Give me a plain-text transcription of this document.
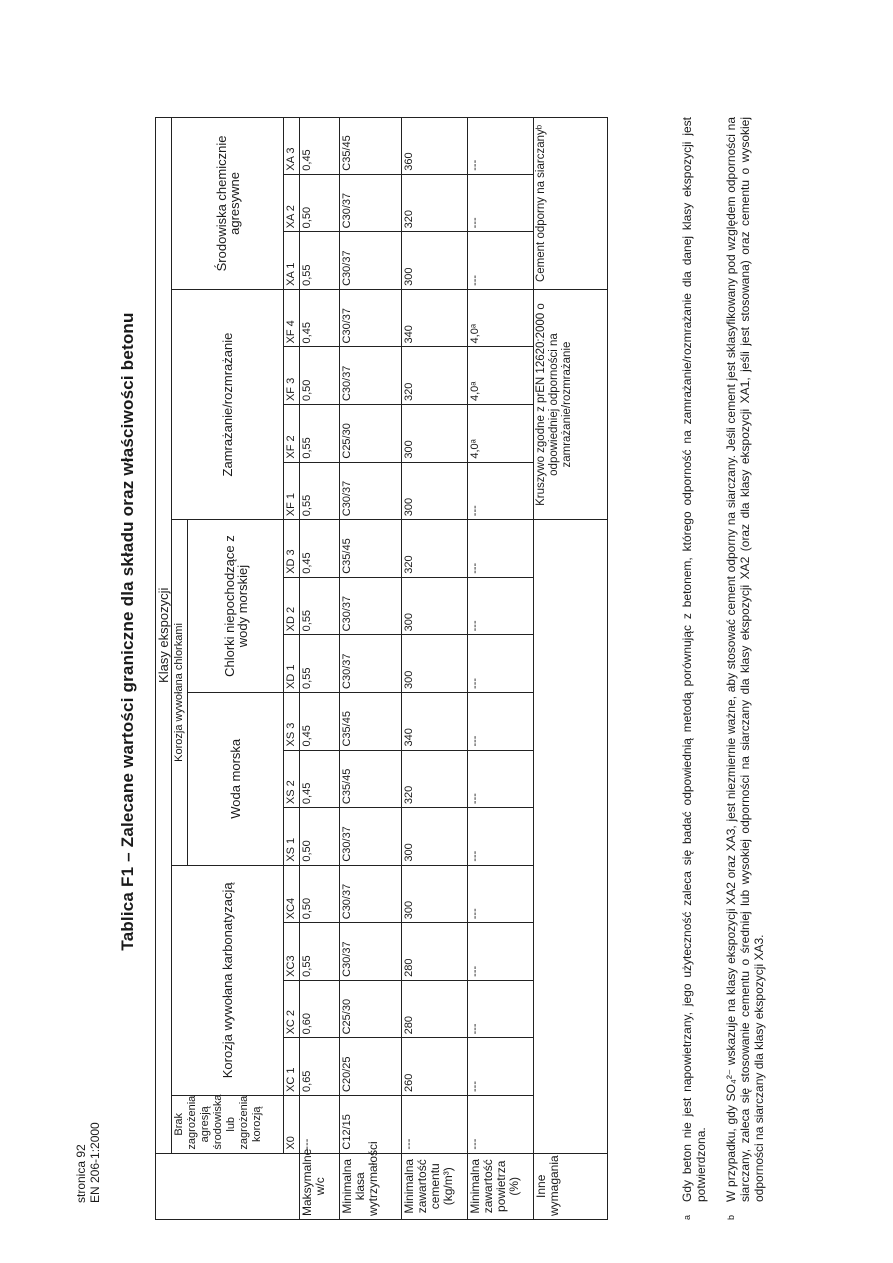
stronica 92 EN 206-1:2000
Tablica F1 – Zalecane wartości graniczne dla składu oraz właściwości betonu
	Klasy ekspozycji																	
	Brak zagrożenia agresją środowiska lub zagrożenia korozją	Korozja wywołana karbonatyzacją				Korozja wywołana chlorkami						Zamrażanie/rozmrażanie				Środowiska chemicznie agresywne		
						Woda morska			Chlorki niepochodzące z wody morskiej									
	X0	XC 1	XC 2	XC3	XC4	XS 1	XS 2	XS 3	XD 1	XD 2	XD 3	XF 1	XF 2	XF 3	XF 4	XA 1	XA 2	XA 3
Maksymalne w/c	---	0,65	0,60	0,55	0,50	0,50	0,45	0,45	0,55	0,55	0,45	0,55	0,55	0,50	0,45	0,55	0,50	0,45
Minimalna klasa wytrzymałości	C12/15	C20/25	C25/30	C30/37	C30/37	C30/37	C35/45	C35/45	C30/37	C30/37	C35/45	C30/37	C25/30	C30/37	C30/37	C30/37	C30/37	C35/45
Minimalna zawartość cementu (kg/m³)	---	260	280	280	300	300	320	340	300	300	320	300	300	320	340	300	320	360
Minimalna zawartość powietrza (%)	---	---	---	---	---	---	---	---	---	---	---	---	4,0ᵃ	4,0ᵃ	4,0ᵃ	---	---	---
Inne wymagania												Kruszywo zgodne z prEN 12620:2000 o odpowiedniej odporności na zamrażanie/rozmrażanie				Cement odporny na siarczanyᵇ		
a
Gdy beton nie jest napowietrzany, jego użyteczność zaleca się badać odpowiednią metodą porównując z betonem, którego odporność na zamrażanie/rozmrażanie dla danej klasy ekspozycji jest potwierdzona.
b
W przypadku, gdy SO₄²⁻ wskazuje na klasy ekspozycji XA2 oraz XA3, jest niezmiernie ważne, aby stosować cement odporny na siarczany. Jeśli cement jest sklasyfikowany pod względem odporności na siarczany, zaleca się stosowanie cementu o średniej lub wysokiej odporności na siarczany dla klasy ekspozycji XA2 (oraz dla klasy ekspozycji XA1, jeśli jest stosowana) oraz cementu o wysokiej odporności na siarczany dla klasy ekspozycji XA3.
